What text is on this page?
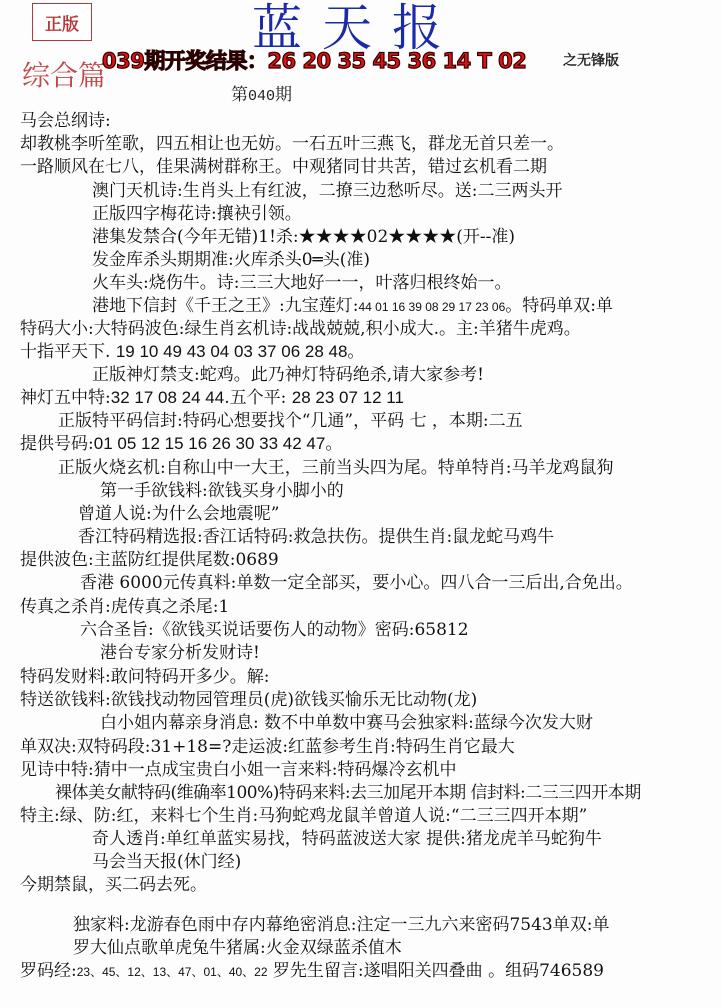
正版	蓝天报
综合篇
039期开奖结果：26 20 35 45 36 14 T 02	之无锋版
第040期
马会总纲诗:
却教桃李听笙歌，四五相让也无妨。一石五叶三燕飞，群龙无首只差一。
一路顺风在七八，佳果满树群称王。中观猪同甘共苦，错过玄机看二期
澳门天机诗:生肖头上有红波，二撩三边愁听尽。送:二三两头开
正版四字梅花诗:攘袂引领。
港集发禁合(今年无错)1!杀:★★★★02★★★★(开--准)
发金库杀头期期准:火库杀头0═头(准)
火车头:烧伤牛。诗:三三大地好一一，叶落归根终始一。
港地下信封《千王之王》:九宝莲灯:44 01 16 39 08 29 17 23 06。特码单双:单
特码大小:大特码波色:绿生肖玄机诗:战战兢兢,积小成大.。主:羊猪牛虎鸡。
十指平天下. 19 10 49 43 04 03 37 06 28 48。
正版神灯禁支:蛇鸡。此乃神灯特码绝杀,请大家参考!
神灯五中特:32 17 08 24 44.五个平: 28 23 07 12 11
正版特平码信封:特码心想要找个“几通”，平码 七 ，本期:二五
提供号码:01 05 12 15 16 26 30 33 42 47。
正版火烧玄机:自称山中一大王，三前当头四为尾。特单特肖:马羊龙鸡鼠狗
第一手欲钱料:欲钱买身小脚小的
曾道人说:为什么会地震呢”
香江特码精选报:香江话特码:救急扶伤。提供生肖:鼠龙蛇马鸡牛
提供波色:主蓝防红提供尾数:0689
香港 6000元传真料:单数一定全部买，要小心。四八合一三后出,合免出。
传真之杀肖:虎传真之杀尾:1
六合圣旨:《欲钱买说话要伤人的动物》密码:65812
港台专家分析发财诗!
特码发财料:敢问特码开多少。解:
特送欲钱料:欲钱找动物园管理员(虎)欲钱买愉乐无比动物(龙)
白小姐内幕亲身消息: 数不中单数中赛马会独家料:蓝绿今次发大财
单双决:双特码段:31+18=?走运波:红蓝参考生肖:特码生肖它最大
见诗中特:猜中一点成宝贵白小姐一言来料:特码爆冷玄机中
裸体美女献特码(维确率100%)特码来料:去三加尾开本期 信封料:二三三四开本期
特主:绿、防:红，来料七个生肖:马狗蛇鸡龙鼠羊曾道人说:“二三三四开本期”
奇人透肖:单红单蓝实易找，特码蓝波送大家 提供:猪龙虎羊马蛇狗牛
马会当天报(休门经)
今期禁鼠，买二码去死。
独家料:龙游春色雨中存内幕绝密消息:注定一三九六来密码7543单双:单
罗大仙点歌单虎兔牛猪属:火金双绿蓝杀值木
罗码经:23、45、12、13、47、01、40、22 罗先生留言:遂唱阳关四叠曲 。组码746589
